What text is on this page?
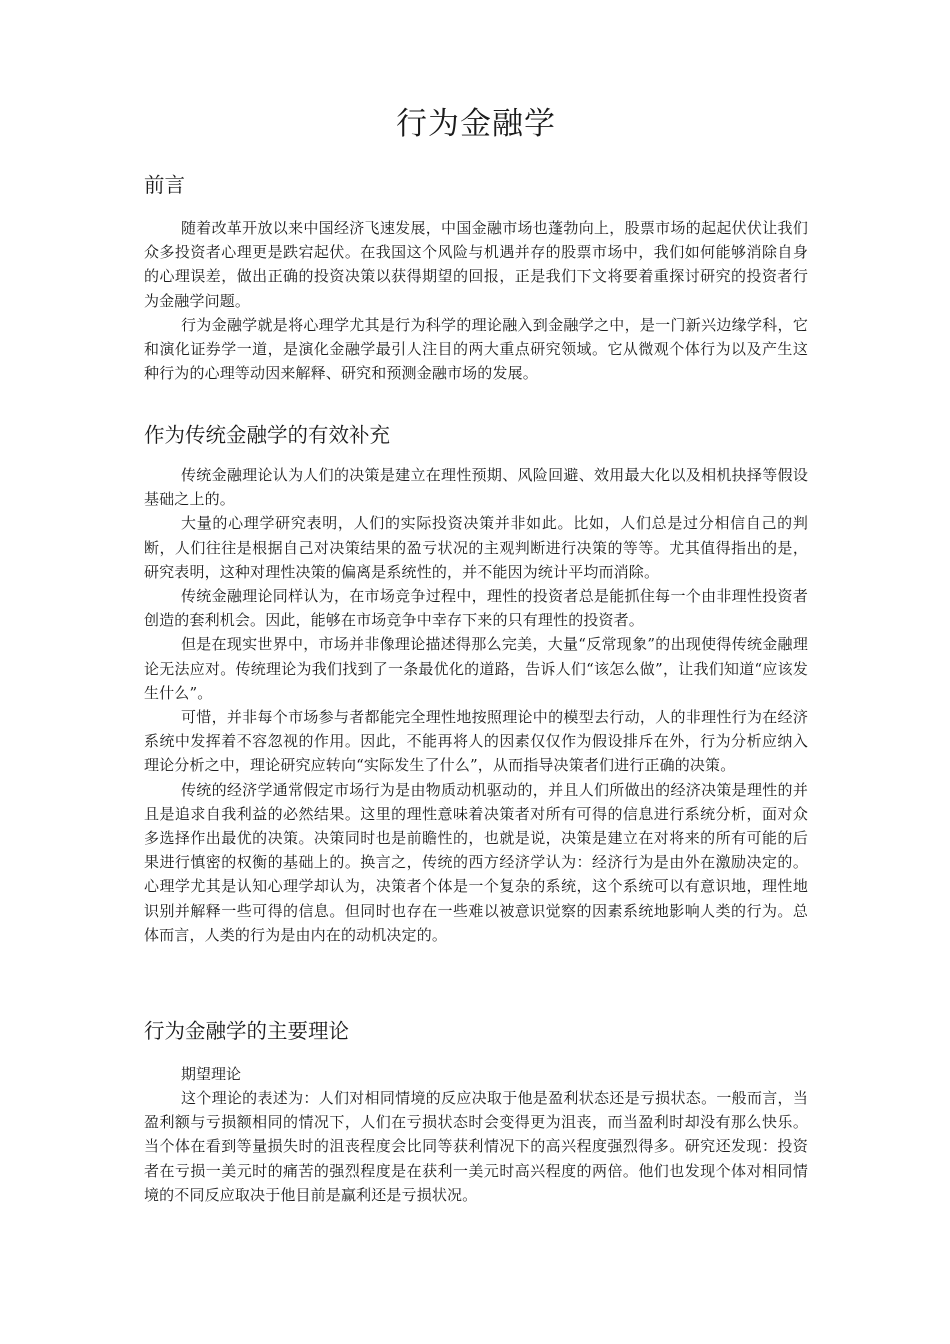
行为金融学
前言

随着改革开放以来中国经济飞速发展，中国金融市场也蓬勃向上，股票市场的起起伏伏让我们众多投资者心理更是跌宕起伏。在我国这个风险与机遇并存的股票市场中，我们如何能够消除自身的心理误差，做出正确的投资决策以获得期望的回报，正是我们下文将要着重探讨研究的投资者行为金融学问题。

行为金融学就是将心理学尤其是行为科学的理论融入到金融学之中，是一门新兴边缘学科，它和演化证券学一道，是演化金融学最引人注目的两大重点研究领域。它从微观个体行为以及产生这种行为的心理等动因来解释、研究和预测金融市场的发展。

作为传统金融学的有效补充

传统金融理论认为人们的决策是建立在理性预期、风险回避、效用最大化以及相机抉择等假设基础之上的。

大量的心理学研究表明，人们的实际投资决策并非如此。比如，人们总是过分相信自己的判断，人们往往是根据自己对决策结果的盈亏状况的主观判断进行决策的等等。尤其值得指出的是，研究表明，这种对理性决策的偏离是系统性的，并不能因为统计平均而消除。

传统金融理论同样认为，在市场竞争过程中，理性的投资者总是能抓住每一个由非理性投资者创造的套利机会。因此，能够在市场竞争中幸存下来的只有理性的投资者。

但是在现实世界中，市场并非像理论描述得那么完美，大量“反常现象”的出现使得传统金融理论无法应对。传统理论为我们找到了一条最优化的道路，告诉人们“该怎么做”，让我们知道“应该发生什么”。

可惜，并非每个市场参与者都能完全理性地按照理论中的模型去行动，人的非理性行为在经济系统中发挥着不容忽视的作用。因此，不能再将人的因素仅仅作为假设排斥在外，行为分析应纳入理论分析之中，理论研究应转向“实际发生了什么”，从而指导决策者们进行正确的决策。

传统的经济学通常假定市场行为是由物质动机驱动的，并且人们所做出的经济决策是理性的并且是追求自我利益的必然结果。这里的理性意味着决策者对所有可得的信息进行系统分析，面对众多选择作出最优的决策。决策同时也是前瞻性的，也就是说，决策是建立在对将来的所有可能的后果进行慎密的权衡的基础上的。换言之，传统的西方经济学认为：经济行为是由外在激励决定的。心理学尤其是认知心理学却认为，决策者个体是一个复杂的系统，这个系统可以有意识地，理性地识别并解释一些可得的信息。但同时也存在一些难以被意识觉察的因素系统地影响人类的行为。总体而言，人类的行为是由内在的动机决定的。

行为金融学的主要理论

期望理论

这个理论的表述为：人们对相同情境的反应决取于他是盈利状态还是亏损状态。一般而言，当盈利额与亏损额相同的情况下，人们在亏损状态时会变得更为沮丧，而当盈利时却没有那么快乐。当个体在看到等量损失时的沮丧程度会比同等获利情况下的高兴程度强烈得多。研究还发现：投资者在亏损一美元时的痛苦的强烈程度是在获利一美元时高兴程度的两倍。他们也发现个体对相同情境的不同反应取决于他目前是赢利还是亏损状况。
